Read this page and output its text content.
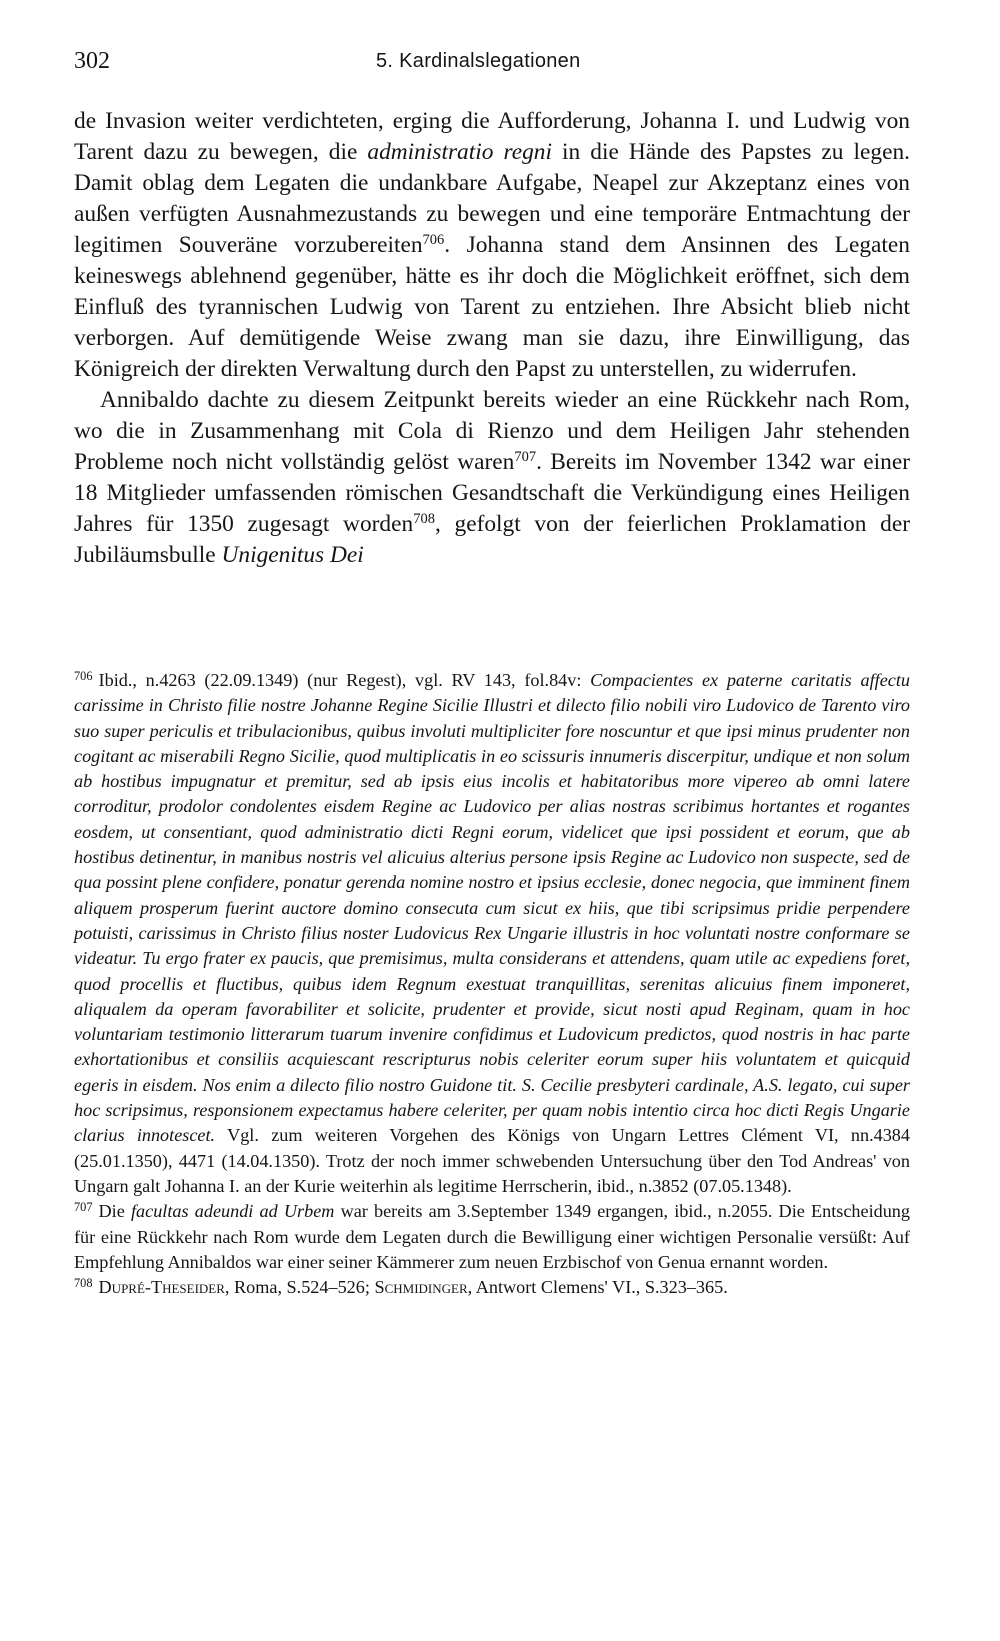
302	5. Kardinalslegationen

de Invasion weiter verdichteten, erging die Aufforderung, Johanna I. und Ludwig von Tarent dazu zu bewegen, die administratio regni in die Hände des Papstes zu legen. Damit oblag dem Legaten die undankbare Aufgabe, Neapel zur Akzeptanz eines von außen verfügten Ausnahmezustands zu bewegen und eine temporäre Entmachtung der legitimen Souveräne vorzubereiten$^{706}$. Johanna stand dem Ansinnen des Legaten keineswegs ablehnend gegenüber, hätte es ihr doch die Möglichkeit eröffnet, sich dem Einfluß des tyrannischen Ludwig von Tarent zu entziehen. Ihre Absicht blieb nicht verborgen. Auf demütigende Weise zwang man sie dazu, ihre Einwilligung, das Königreich der direkten Verwaltung durch den Papst zu unterstellen, zu widerrufen.

Annibaldo dachte zu diesem Zeitpunkt bereits wieder an eine Rückkehr nach Rom, wo die in Zusammenhang mit Cola di Rienzo und dem Heiligen Jahr stehenden Probleme noch nicht vollständig gelöst waren$^{707}$. Bereits im November 1342 war einer 18 Mitglieder umfassenden römischen Gesandtschaft die Verkündigung eines Heiligen Jahres für 1350 zugesagt worden$^{708}$, gefolgt von der feierlichen Proklamation der Jubiläumsbulle Unigenitus Dei

$^{706}$ Ibid., n.4263 (22.09.1349) (nur Regest), vgl. RV 143, fol.84v: Compacientes ex paterne caritatis affectu carissime in Christo filie nostre Johanne Regine Sicilie Illustri et dilecto filio nobili viro Ludovico de Tarento viro suo super periculis et tribulacionibus, quibus involuti multipliciter fore noscuntur et que ipsi minus prudenter non cogitant ac miserabili Regno Sicilie, quod multiplicatis in eo scissuris innumeris discerpitur, undique et non solum ab hostibus impugnatur et premitur, sed ab ipsis eius incolis et habitatoribus more vipereo ab omni latere corroditur, prodolor condolentes eisdem Regine ac Ludovico per alias nostras scribimus hortantes et rogantes eosdem, ut consentiant, quod administratio dicti Regni eorum, videlicet que ipsi possident et eorum, que ab hostibus detinentur, in manibus nostris vel alicuius alterius persone ipsis Regine ac Ludovico non suspecte, sed de qua possint plene confidere, ponatur gerenda nomine nostro et ipsius ecclesie, donec negocia, que imminent finem aliquem prosperum fuerint auctore domino consecuta cum sicut ex hiis, que tibi scripsimus pridie perpendere potuisti, carissimus in Christo filius noster Ludovicus Rex Ungarie illustris in hoc voluntati nostre conformare se videatur. Tu ergo frater ex paucis, que premisimus, multa considerans et attendens, quam utile ac expediens foret, quod procellis et fluctibus, quibus idem Regnum exestuat tranquillitas, serenitas alicuius finem imponeret, aliqualem da operam favorabiliter et solicite, prudenter et provide, sicut nosti apud Reginam, quam in hoc voluntariam testimonio litterarum tuarum invenire confidimus et Ludovicum predictos, quod nostris in hac parte exhortationibus et consiliis acquiescant rescripturus nobis celeriter eorum super hiis voluntatem et quicquid egeris in eisdem. Nos enim a dilecto filio nostro Guidone tit. S. Cecilie presbyteri cardinale, A.S. legato, cui super hoc scripsimus, responsionem expectamus habere celeriter, per quam nobis intentio circa hoc dicti Regis Ungarie clarius innotescet. Vgl. zum weiteren Vorgehen des Königs von Ungarn Lettres Clément VI, nn.4384 (25.01.1350), 4471 (14.04.1350). Trotz der noch immer schwebenden Untersuchung über den Tod Andreas' von Ungarn galt Johanna I. an der Kurie weiterhin als legitime Herrscherin, ibid., n.3852 (07.05.1348).

$^{707}$ Die facultas adeundi ad Urbem war bereits am 3.September 1349 ergangen, ibid., n.2055. Die Entscheidung für eine Rückkehr nach Rom wurde dem Legaten durch die Bewilligung einer wichtigen Personalie versüßt: Auf Empfehlung Annibaldos war einer seiner Kämmerer zum neuen Erzbischof von Genua ernannt worden.

$^{708}$ Dupré-Theseider, Roma, S.524–526; Schmidinger, Antwort Clemens' VI., S.323–365.
